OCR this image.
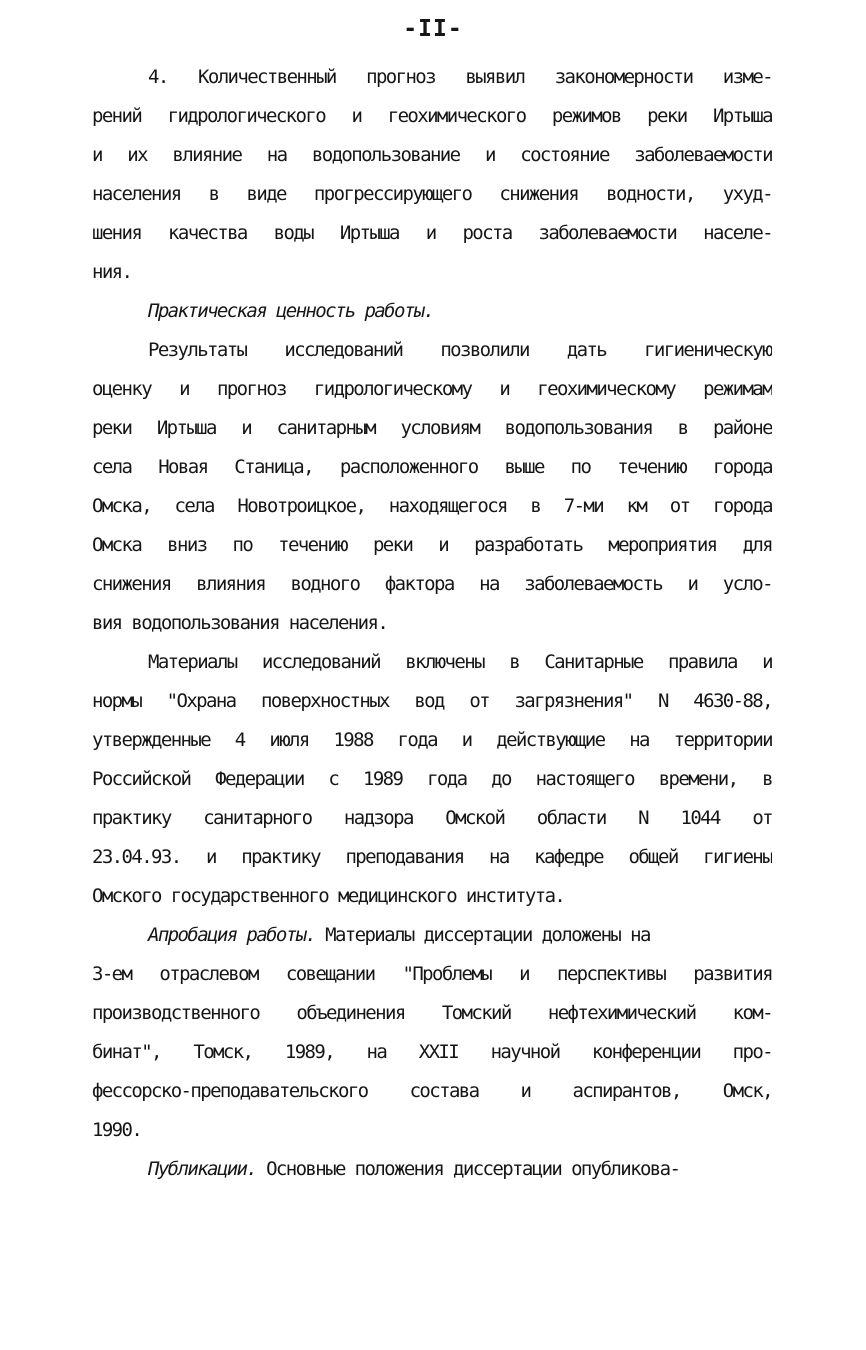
-II-
4. Количественный прогноз выявил закономерности изме-
рений гидрологического и геохимического режимов реки Иртыша
и их влияние на водопользование и состояние заболеваемости
населения в виде прогрессирующего снижения водности, ухуд-
шения качества воды Иртыша и роста заболеваемости населе-
ния.
Практическая ценность работы.
Результаты исследований позволили дать гигиеническую
оценку и прогноз гидрологическому и геохимическому режимам
реки Иртыша и санитарным условиям водопользования в районе
села Новая Станица, расположенного выше по течению города
Омска, села Новотроицкое, находящегося в 7-ми км от города
Омска вниз по течению реки и разработать мероприятия для
снижения влияния водного фактора на заболеваемость и усло-
вия водопользования населения.
Материалы исследований включены в Санитарные правила и
нормы "Охрана поверхностных вод от загрязнения" N 4630-88,
утвержденные 4 июля 1988 года и действующие на территории
Российской Федерации с 1989 года до настоящего времени, в
практику санитарного надзора Омской области N 1044 от
23.04.93. и практику преподавания на кафедре общей гигиены
Омского государственного медицинского института.
Апробация работы. Материалы диссертации доложены на
3-ем отраслевом совещании "Проблемы и перспективы развития
производственного объединения Томский нефтехимический ком-
бинат", Томск, 1989, на XXII научной конференции про-
фессорско-преподавательского состава и аспирантов, Омск,
1990.
Публикации. Основные положения диссертации опубликова-
